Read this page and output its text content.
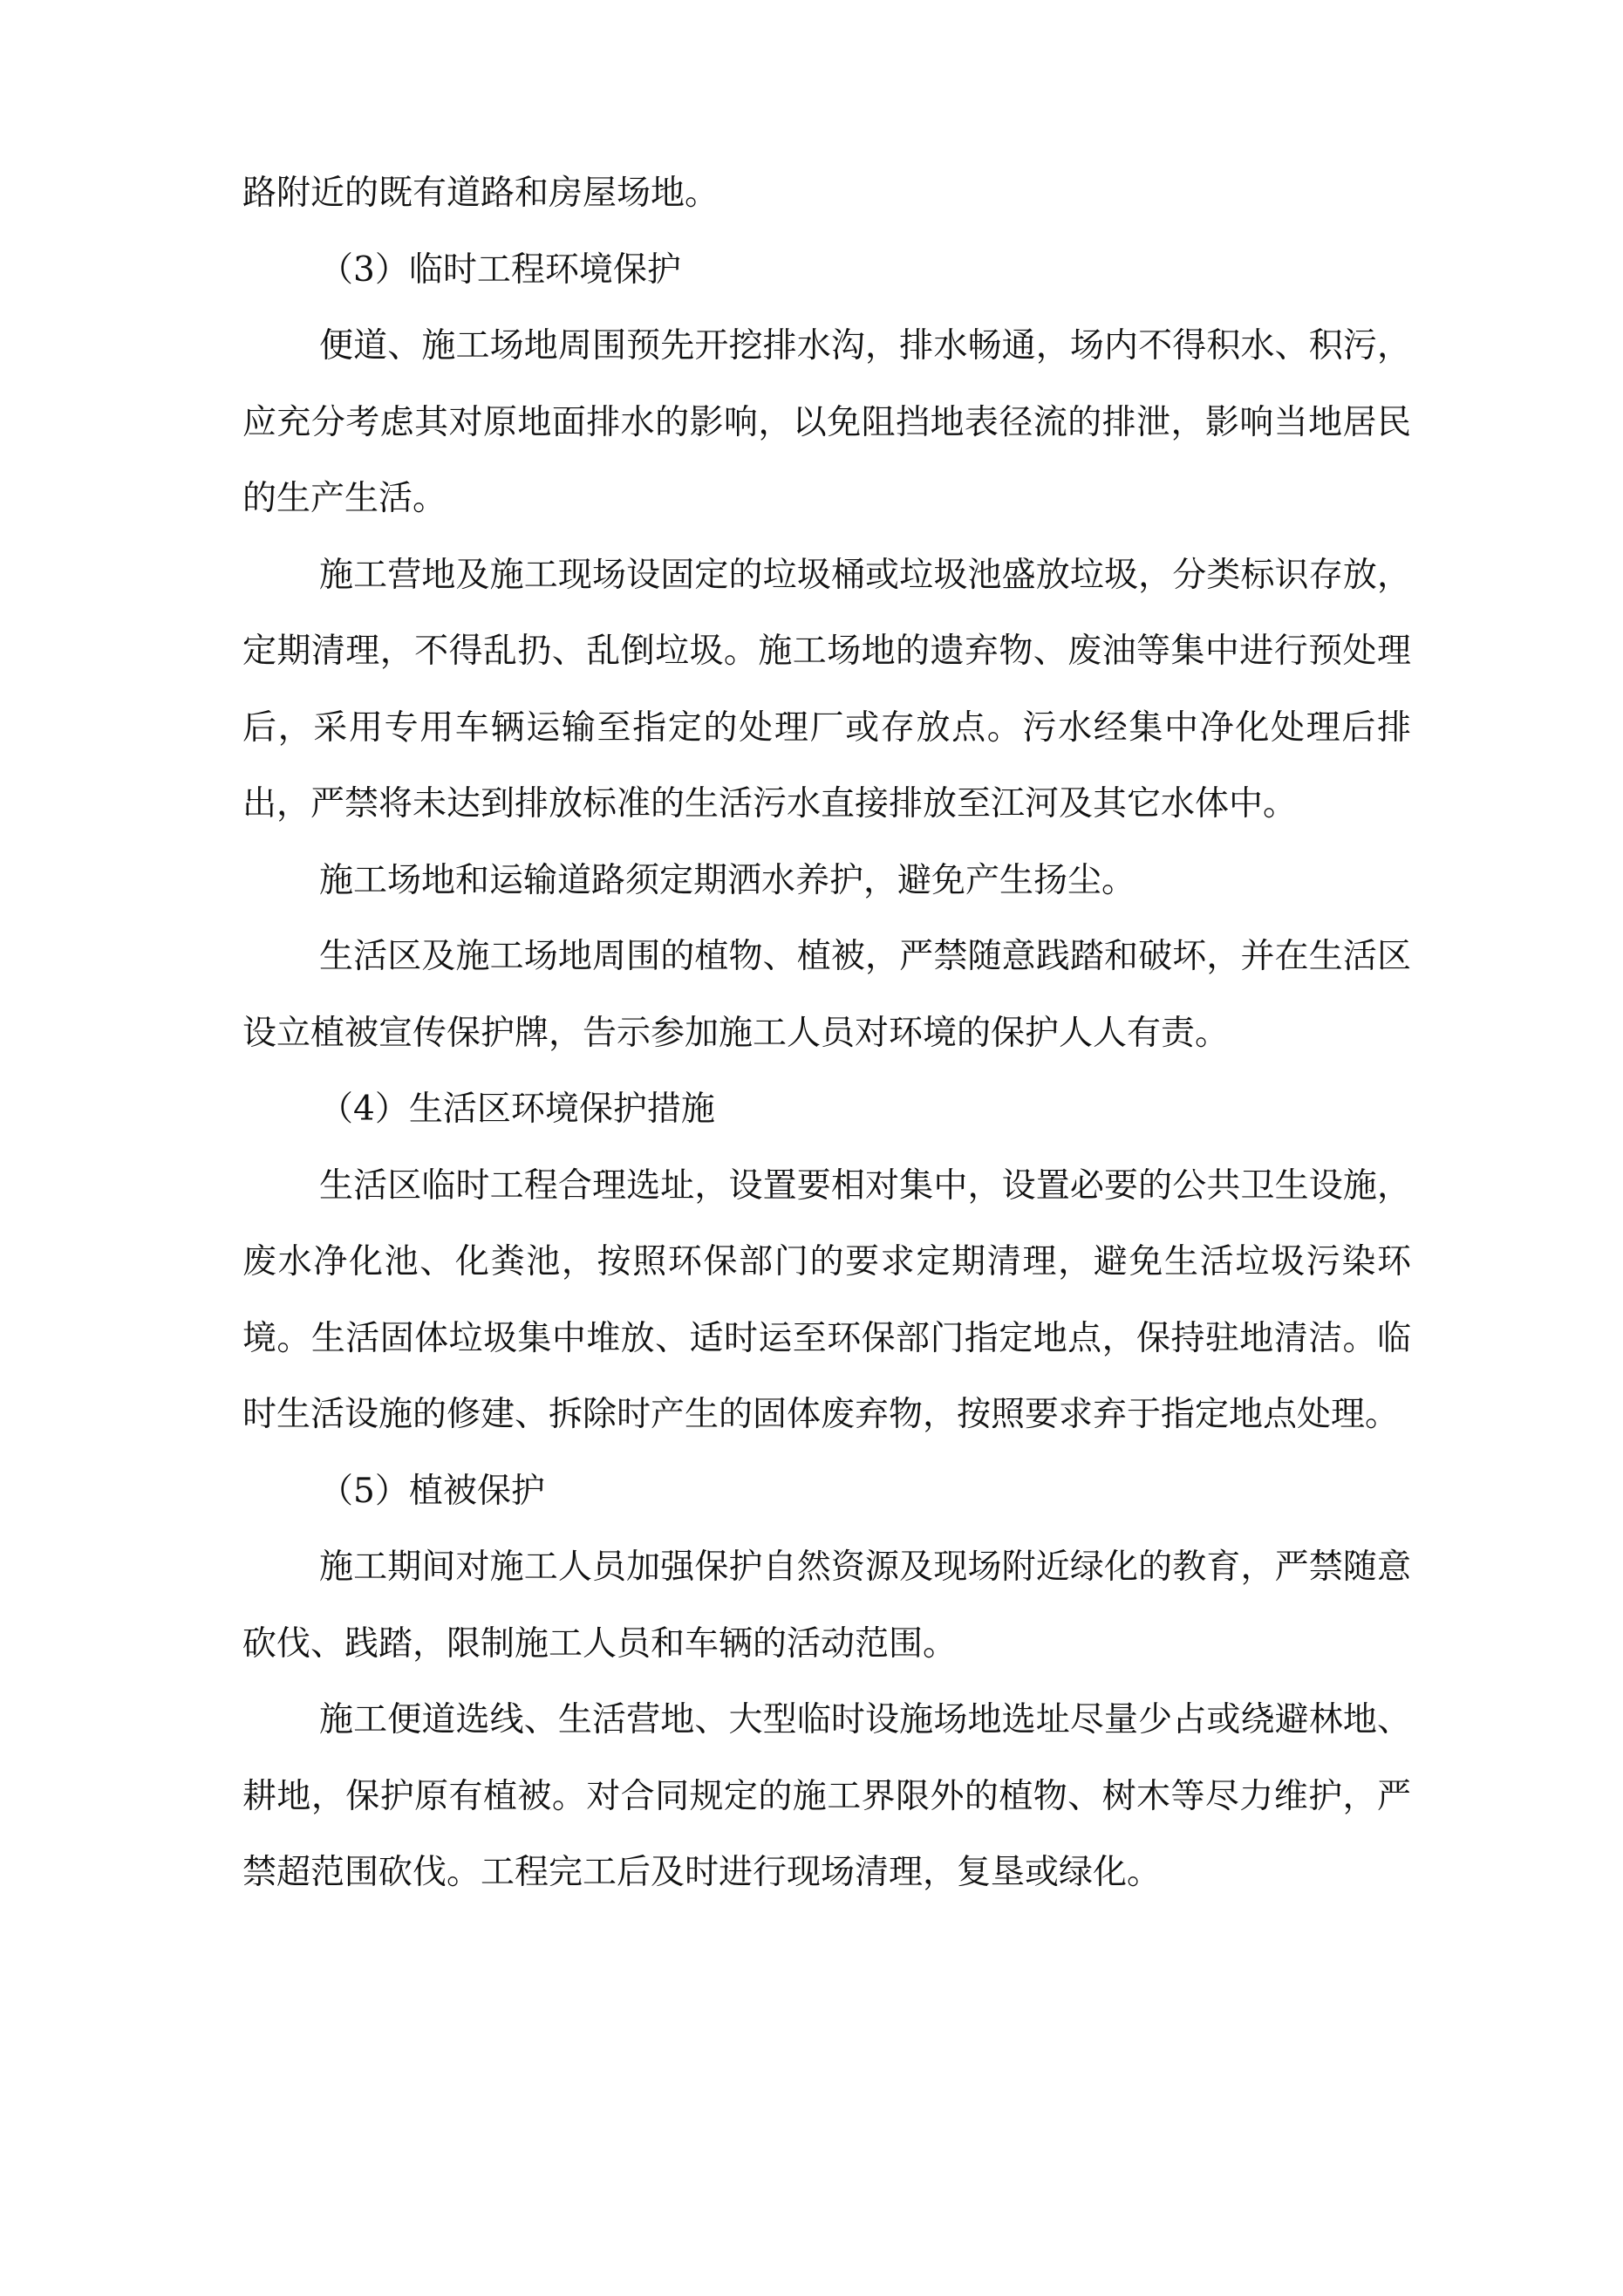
路附近的既有道路和房屋场地。

（3）临时工程环境保护

便道、施工场地周围预先开挖排水沟，排水畅通，场内不得积水、积污，应充分考虑其对原地面排水的影响，以免阻挡地表径流的排泄，影响当地居民的生产生活。

施工营地及施工现场设固定的垃圾桶或垃圾池盛放垃圾，分类标识存放，定期清理，不得乱扔、乱倒垃圾。施工场地的遗弃物、废油等集中进行预处理后，采用专用车辆运输至指定的处理厂或存放点。污水经集中净化处理后排出，严禁将未达到排放标准的生活污水直接排放至江河及其它水体中。

施工场地和运输道路须定期洒水养护，避免产生扬尘。

生活区及施工场地周围的植物、植被，严禁随意践踏和破坏，并在生活区设立植被宣传保护牌，告示参加施工人员对环境的保护人人有责。

（4）生活区环境保护措施

生活区临时工程合理选址，设置要相对集中，设置必要的公共卫生设施，废水净化池、化粪池，按照环保部门的要求定期清理，避免生活垃圾污染环境。生活固体垃圾集中堆放、适时运至环保部门指定地点，保持驻地清洁。临时生活设施的修建、拆除时产生的固体废弃物，按照要求弃于指定地点处理。

（5）植被保护

施工期间对施工人员加强保护自然资源及现场附近绿化的教育，严禁随意砍伐、践踏，限制施工人员和车辆的活动范围。

施工便道选线、生活营地、大型临时设施场地选址尽量少占或绕避林地、耕地，保护原有植被。对合同规定的施工界限外的植物、树木等尽力维护，严禁超范围砍伐。工程完工后及时进行现场清理，复垦或绿化。
